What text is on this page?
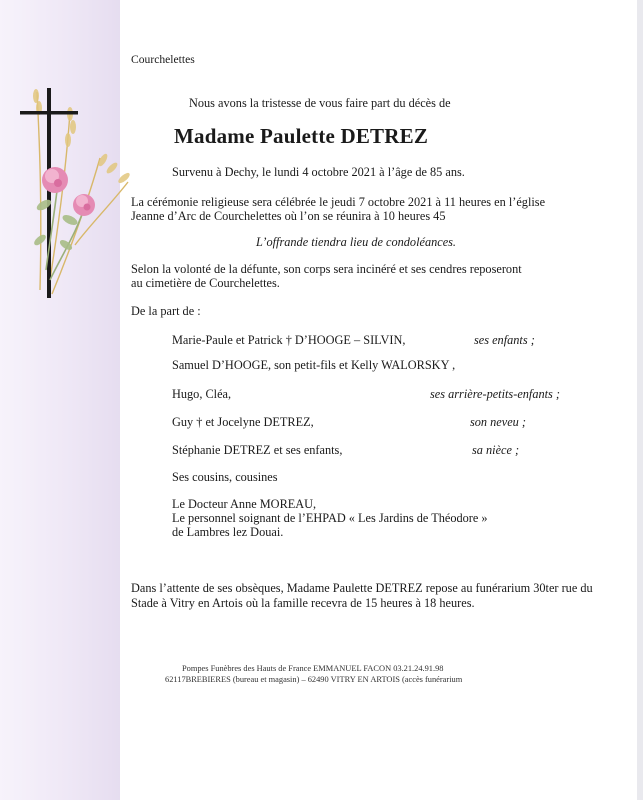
Courchelettes
Nous avons la tristesse de vous faire part du décès de
Madame Paulette DETREZ
Survenu à Dechy, le lundi 4 octobre 2021 à l’âge de 85 ans.
La cérémonie religieuse sera célébrée le jeudi 7 octobre 2021 à 11 heures en l’église
Jeanne d’Arc de Courchelettes où l’on se réunira à 10 heures 45
L’offrande tiendra lieu de condoléances.
Selon la volonté de la défunte, son corps sera incinéré et ses cendres reposeront
au cimetière de Courchelettes.
De la part de :
Marie-Paule et Patrick † D’HOOGE – SILVIN,	ses enfants ;
Samuel D’HOOGE, son petit-fils et Kelly WALORSKY ,
Hugo, Cléa,	ses arrière-petits-enfants ;
Guy † et Jocelyne DETREZ,	son neveu ;
Stéphanie DETREZ et ses enfants,	sa nièce ;
Ses cousins, cousines
Le Docteur Anne MOREAU,
Le personnel soignant de l’EHPAD « Les Jardins de Théodore »
de Lambres lez Douai.
Dans l’attente de ses obsèques, Madame Paulette DETREZ repose au funérarium 30ter rue du
Stade à Vitry en Artois où la famille recevra de 15 heures à 18 heures.
Pompes Funèbres des Hauts de France EMMANUEL FACON 03.21.24.91.98
62117BREBIERES (bureau et magasin) – 62490 VITRY EN ARTOIS (accès funérarium
